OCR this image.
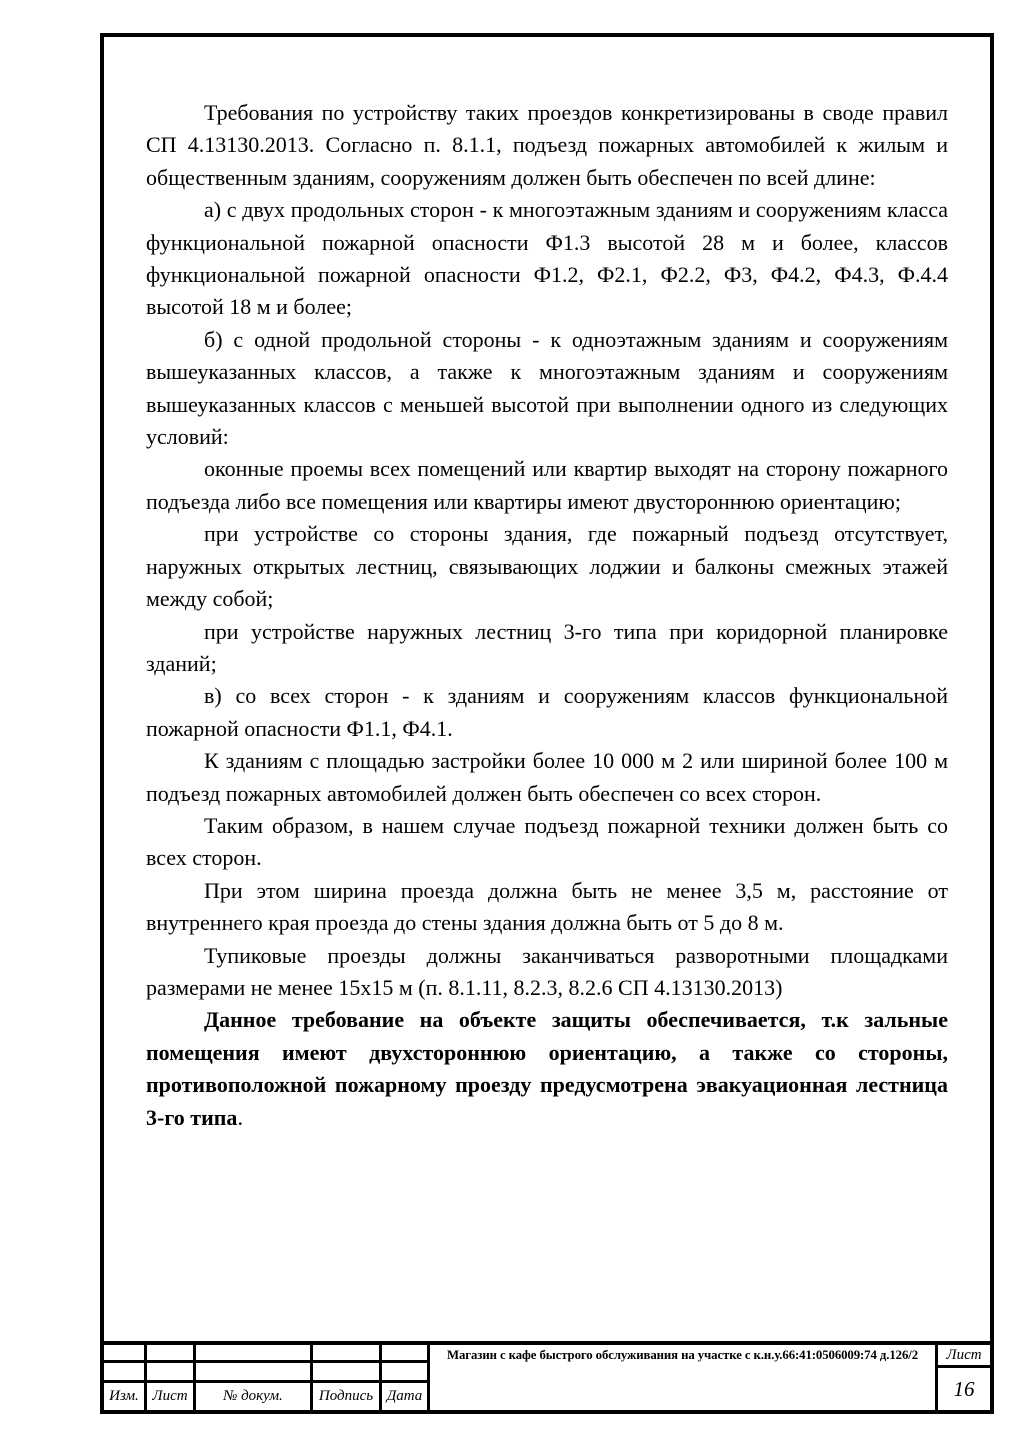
Требования по устройству таких проездов конкретизированы в своде правил СП 4.13130.2013. Согласно п. 8.1.1, подъезд пожарных автомобилей к жилым и общественным зданиям, сооружениям должен быть обеспечен по всей длине:

а) с двух продольных сторон - к многоэтажным зданиям и сооружениям класса функциональной пожарной опасности Ф1.3 высотой 28 м и более, классов функциональной пожарной опасности Ф1.2, Ф2.1, Ф2.2, Ф3, Ф4.2, Ф4.3, Ф.4.4 высотой 18 м и более;

б) с одной продольной стороны - к одноэтажным зданиям и сооружениям вышеуказанных классов, а также к многоэтажным зданиям и сооружениям вышеуказанных классов с меньшей высотой при выполнении одного из следующих условий:

оконные проемы всех помещений или квартир выходят на сторону пожарного подъезда либо все помещения или квартиры имеют двустороннюю ориентацию;

при устройстве со стороны здания, где пожарный подъезд отсутствует, наружных открытых лестниц, связывающих лоджии и балконы смежных этажей между собой;

при устройстве наружных лестниц 3-го типа при коридорной планировке зданий;

в) со всех сторон - к зданиям и сооружениям классов функциональной пожарной опасности Ф1.1, Ф4.1.

К зданиям с площадью застройки более 10 000 м 2 или шириной более 100 м подъезд пожарных автомобилей должен быть обеспечен со всех сторон.

Таким образом, в нашем случае подъезд пожарной техники должен быть со всех сторон.

При этом ширина проезда должна быть не менее 3,5 м, расстояние от внутреннего края проезда до стены здания должна быть от 5 до 8 м.

Тупиковые проезды должны заканчиваться разворотными площадками размерами не менее 15х15 м (п. 8.1.11, 8.2.3, 8.2.6 СП 4.13130.2013)

Данное требование на объекте защиты обеспечивается, т.к зальные помещения имеют двухстороннюю ориентацию, а также со стороны, противоположной пожарному проезду предусмотрена эвакуационная лестница 3-го типа.

Изм. Лист	№ докум.	Подпись Дата
Магазин с кафе быстрого обслуживания на участке с к.н.у.66:41:0506009:74 д.126/2	Лист
16
